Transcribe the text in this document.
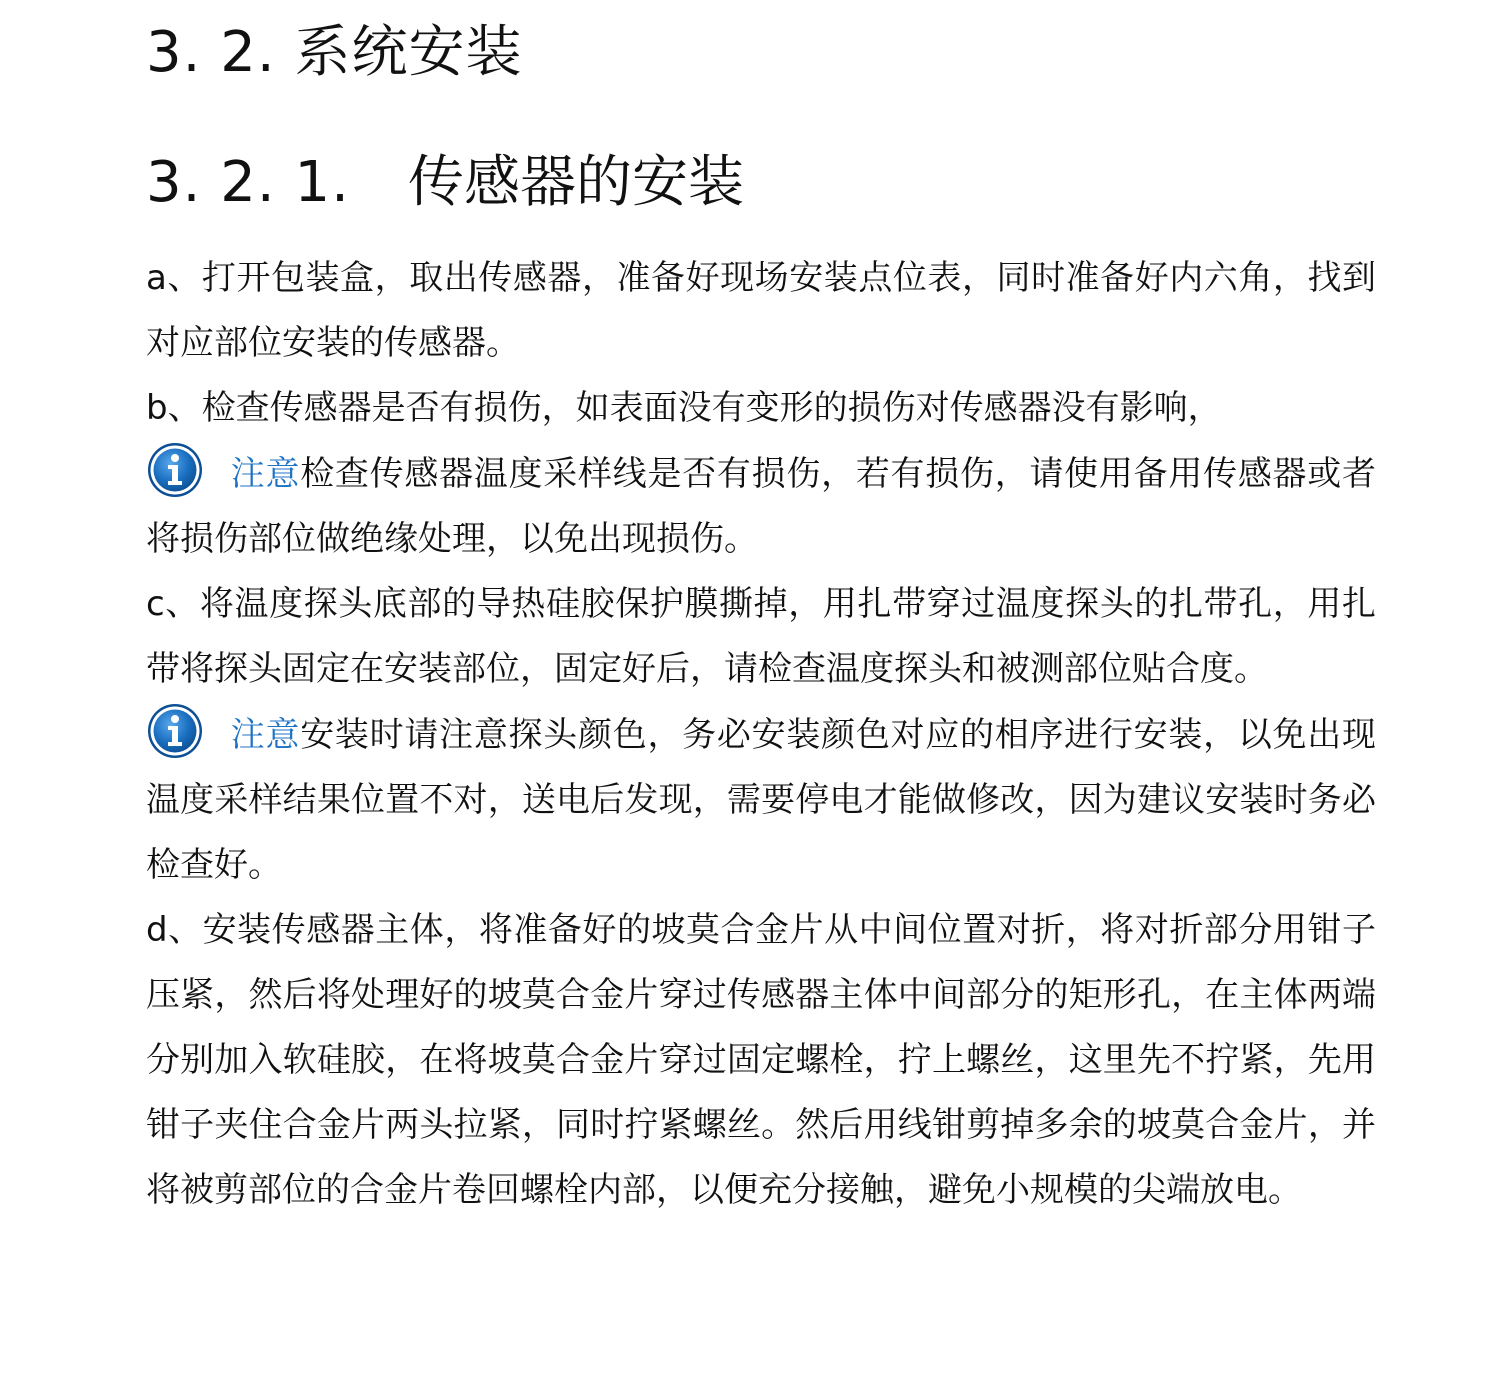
3. 2. 系统安装
3. 2. 1. 传感器的安装

a、打开包装盒，取出传感器，准备好现场安装点位表，同时准备好内六角，找到对应部位安装的传感器。

b、检查传感器是否有损伤，如表面没有变形的损伤对传感器没有影响，

注意检查传感器温度采样线是否有损伤，若有损伤，请使用备用传感器或者将损伤部位做绝缘处理，以免出现损伤。

c、将温度探头底部的导热硅胶保护膜撕掉，用扎带穿过温度探头的扎带孔，用扎带将探头固定在安装部位，固定好后，请检查温度探头和被测部位贴合度。

注意安装时请注意探头颜色，务必安装颜色对应的相序进行安装，以免出现温度采样结果位置不对，送电后发现，需要停电才能做修改，因为建议安装时务必检查好。

d、安装传感器主体，将准备好的坡莫合金片从中间位置对折，将对折部分用钳子压紧，然后将处理好的坡莫合金片穿过传感器主体中间部分的矩形孔，在主体两端分别加入软硅胶，在将坡莫合金片穿过固定螺栓，拧上螺丝，这里先不拧紧，先用钳子夹住合金片两头拉紧，同时拧紧螺丝。然后用线钳剪掉多余的坡莫合金片，并将被剪部位的合金片卷回螺栓内部，以便充分接触，避免小规模的尖端放电。
